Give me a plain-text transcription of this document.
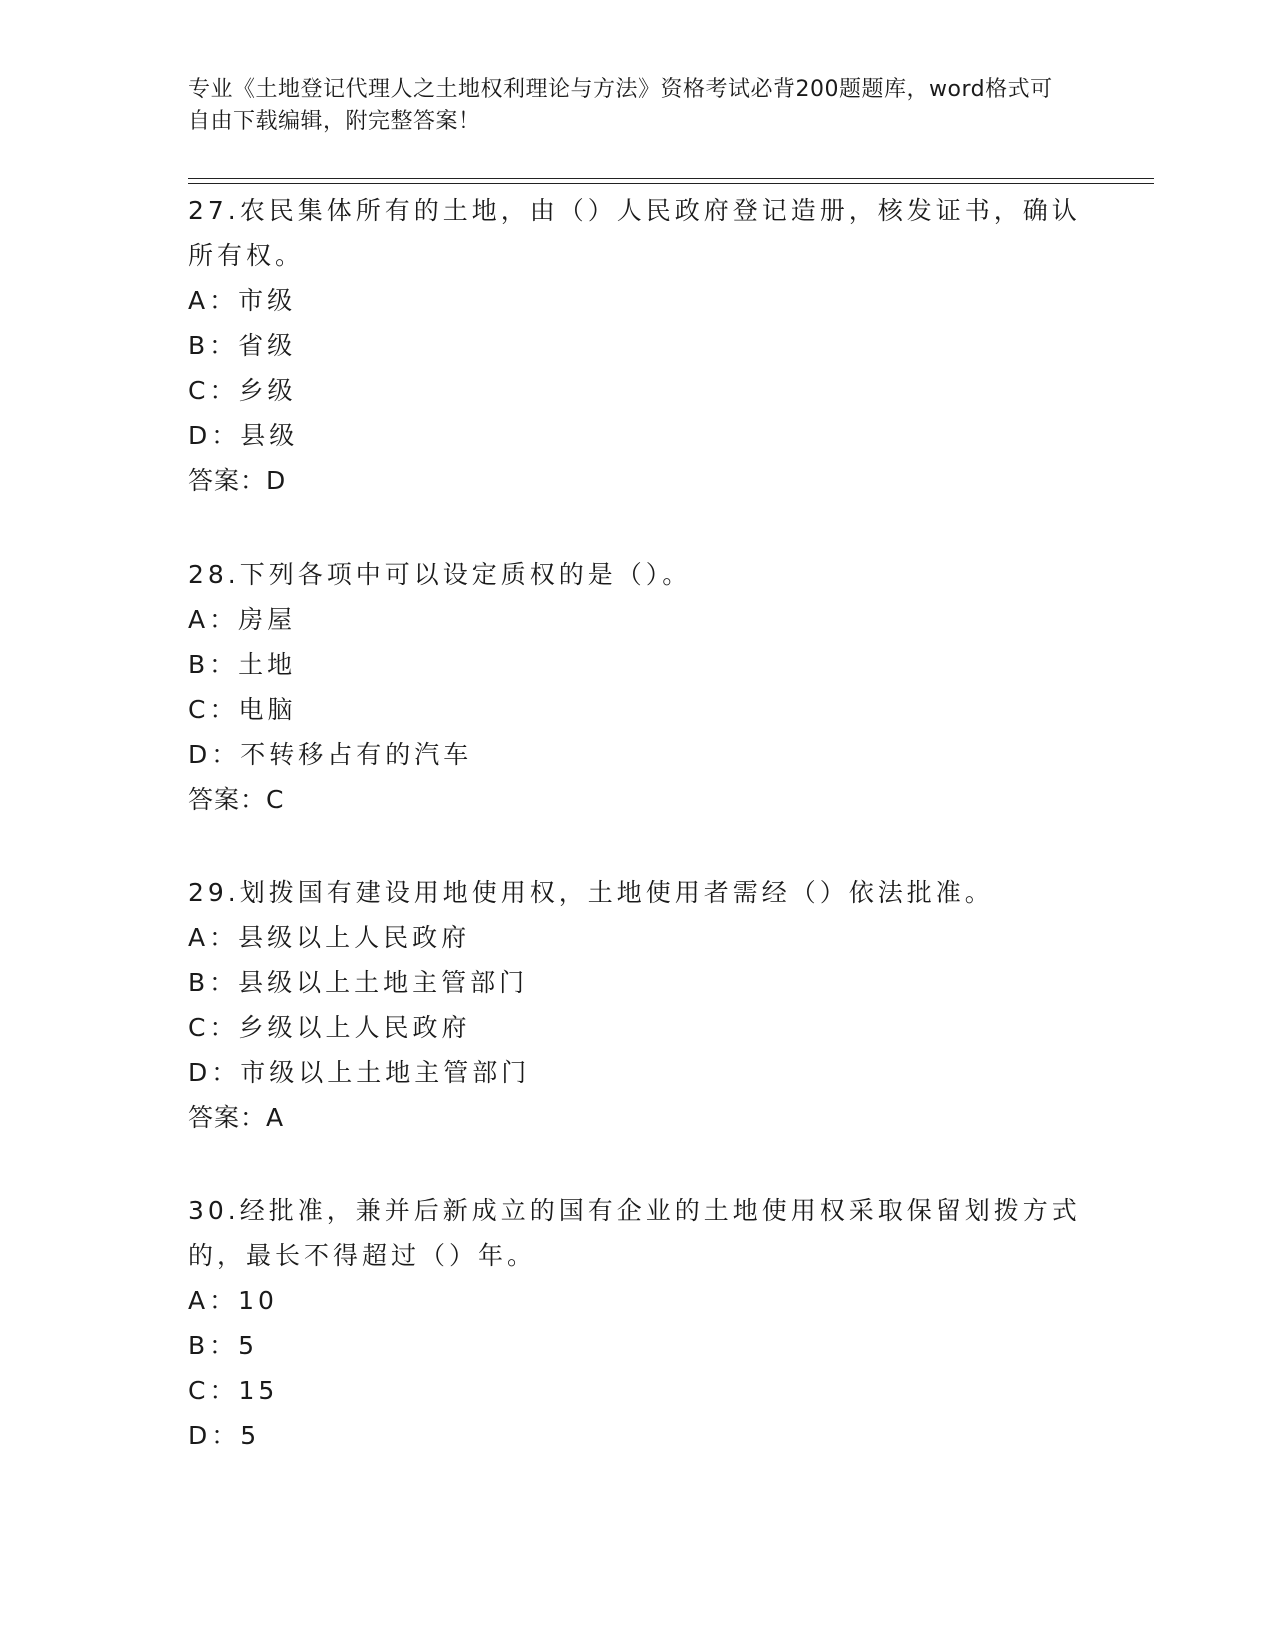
专业《土地登记代理人之土地权利理论与方法》资格考试必背200题题库，word格式可自由下载编辑，附完整答案！
27.农民集体所有的土地，由（）人民政府登记造册，核发证书，确认所有权。
A：市级
B：省级
C：乡级
D：县级
答案：D
28.下列各项中可以设定质权的是（）。
A：房屋
B：土地
C：电脑
D：不转移占有的汽车
答案：C
29.划拨国有建设用地使用权，土地使用者需经（）依法批准。
A：县级以上人民政府
B：县级以上土地主管部门
C：乡级以上人民政府
D：市级以上土地主管部门
答案：A
30.经批准，兼并后新成立的国有企业的土地使用权采取保留划拨方式的，最长不得超过（）年。
A：10
B：5
C：15
D：5
